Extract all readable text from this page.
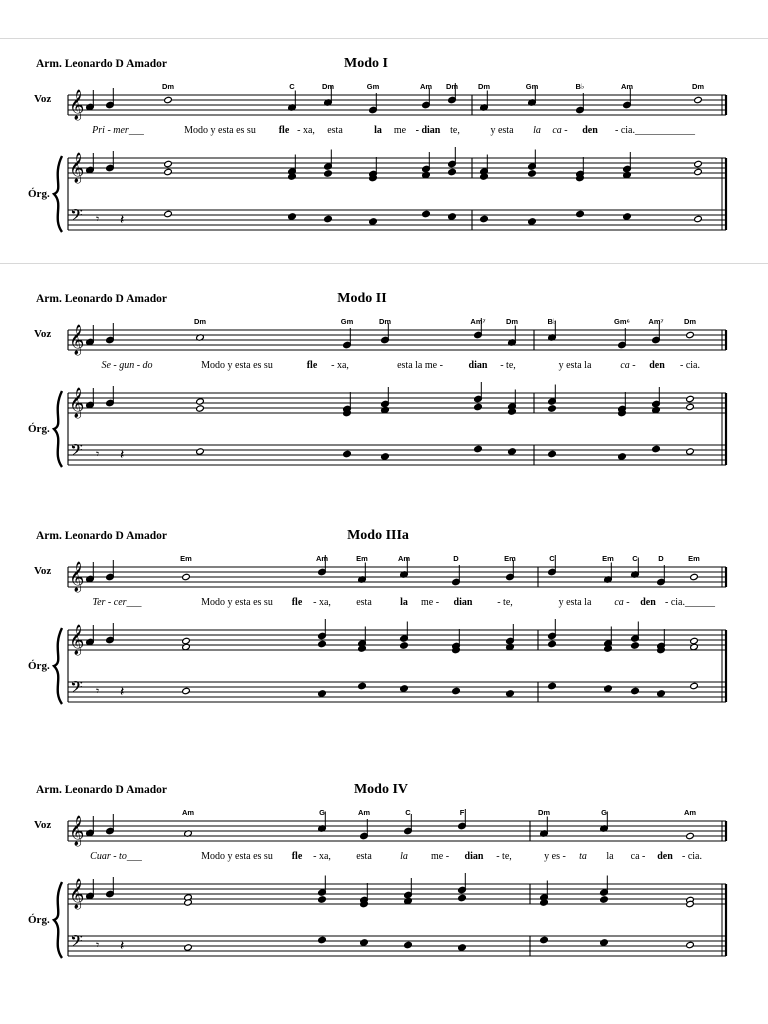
Arm. Leonardo D Amador	Modo I
Voz
Órg.
Dm	C	Dm	Gm	Am Dm	Dm	Gm	B♭	Am	Dm
Pri - mer___	Modo y esta es su fle - xa, esta	la me - dian te,	y esta la ca - den - cia.____________
𝄞
𝄞
𝄢 𝄾 𝄽
Arm. Leonardo D Amador	Modo II
Voz
Órg.
Dm	Gm	Dm	Am⁷	Dm	B♭	Gm⁶ Am⁷	Dm
Se - gun - do	Modo y esta es su	fle - xa,	esta la me -	dian - te,	y esta la	ca - den - cia.
𝄞
𝄞
𝄢 𝄾 𝄽
Arm. Leonardo D Amador	Modo IIIa
Voz
Órg.
Em	Am	Em	Am	D	Em	C	Em C	D	Em
Ter - cer___	Modo y esta es su fle - xa,	esta	la me - dian - te,	y esta la ca - den - cia.______
𝄞
𝄞
𝄢 𝄾 𝄽
Arm. Leonardo D Amador	Modo IV
Voz
Órg.
Am	G	Am	C	F	Dm	G	Am
Cuar - to___	Modo y esta es su fle - xa,	esta	la me - dian - te,	y es - ta la ca - den - cia.
𝄞
𝄞
𝄢 𝄾 𝄽
